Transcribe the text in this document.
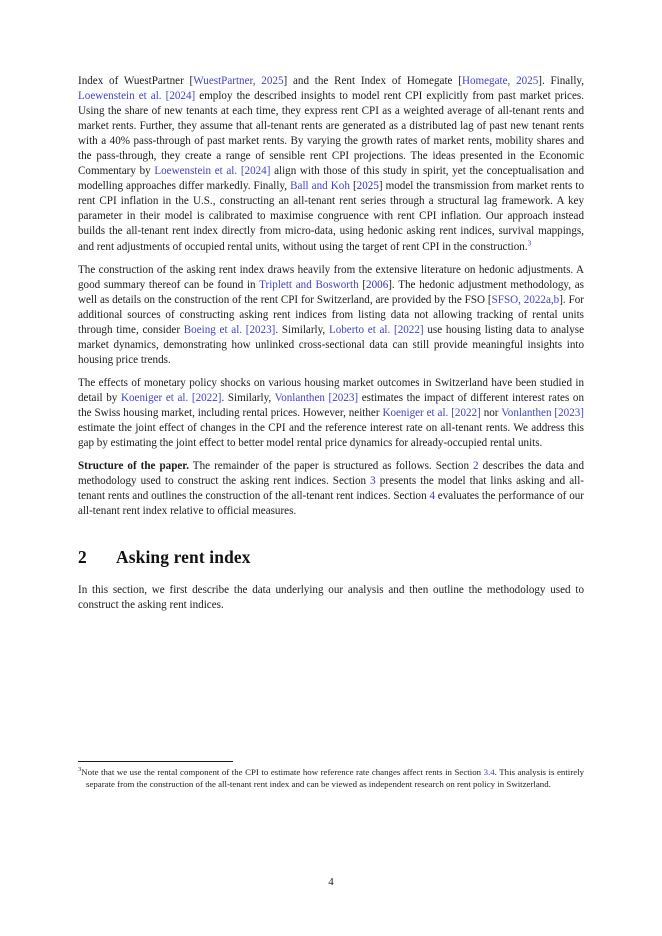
Index of WuestPartner [WuestPartner, 2025] and the Rent Index of Homegate [Homegate, 2025]. Finally, Loewenstein et al. [2024] employ the described insights to model rent CPI explicitly from past market prices. Using the share of new tenants at each time, they express rent CPI as a weighted average of all-tenant rents and market rents. Further, they assume that all-tenant rents are generated as a distributed lag of past new tenant rents with a 40% pass-through of past market rents. By varying the growth rates of market rents, mobility shares and the pass-through, they create a range of sensible rent CPI projections. The ideas presented in the Economic Commentary by Loewenstein et al. [2024] align with those of this study in spirit, yet the conceptualisation and modelling approaches differ markedly. Finally, Ball and Koh [2025] model the transmission from market rents to rent CPI inflation in the U.S., constructing an all-tenant rent series through a structural lag framework. A key parameter in their model is calibrated to maximise congruence with rent CPI inflation. Our approach instead builds the all-tenant rent index directly from micro-data, using hedonic asking rent indices, survival mappings, and rent adjustments of occupied rental units, without using the target of rent CPI in the construction.$^3$

The construction of the asking rent index draws heavily from the extensive literature on hedonic adjustments. A good summary thereof can be found in Triplett and Bosworth [2006]. The hedonic adjustment methodology, as well as details on the construction of the rent CPI for Switzerland, are provided by the FSO [SFSO, 2022a,b]. For additional sources of constructing asking rent indices from listing data not allowing tracking of rental units through time, consider Boeing et al. [2023]. Similarly, Loberto et al. [2022] use housing listing data to analyse market dynamics, demonstrating how unlinked cross-sectional data can still provide meaningful insights into housing price trends.

The effects of monetary policy shocks on various housing market outcomes in Switzerland have been studied in detail by Koeniger et al. [2022]. Similarly, Vonlanthen [2023] estimates the impact of different interest rates on the Swiss housing market, including rental prices. However, neither Koeniger et al. [2022] nor Vonlanthen [2023] estimate the joint effect of changes in the CPI and the reference interest rate on all-tenant rents. We address this gap by estimating the joint effect to better model rental price dynamics for already-occupied rental units.

Structure of the paper. The remainder of the paper is structured as follows. Section 2 describes the data and methodology used to construct the asking rent indices. Section 3 presents the model that links asking and all-tenant rents and outlines the construction of the all-tenant rent indices. Section 4 evaluates the performance of our all-tenant rent index relative to official measures.

2 Asking rent index

In this section, we first describe the data underlying our analysis and then outline the methodology used to construct the asking rent indices.

$^3$Note that we use the rental component of the CPI to estimate how reference rate changes affect rents in Section 3.4. This analysis is entirely separate from the construction of the all-tenant rent index and can be viewed as independent research on rent policy in Switzerland.

4
